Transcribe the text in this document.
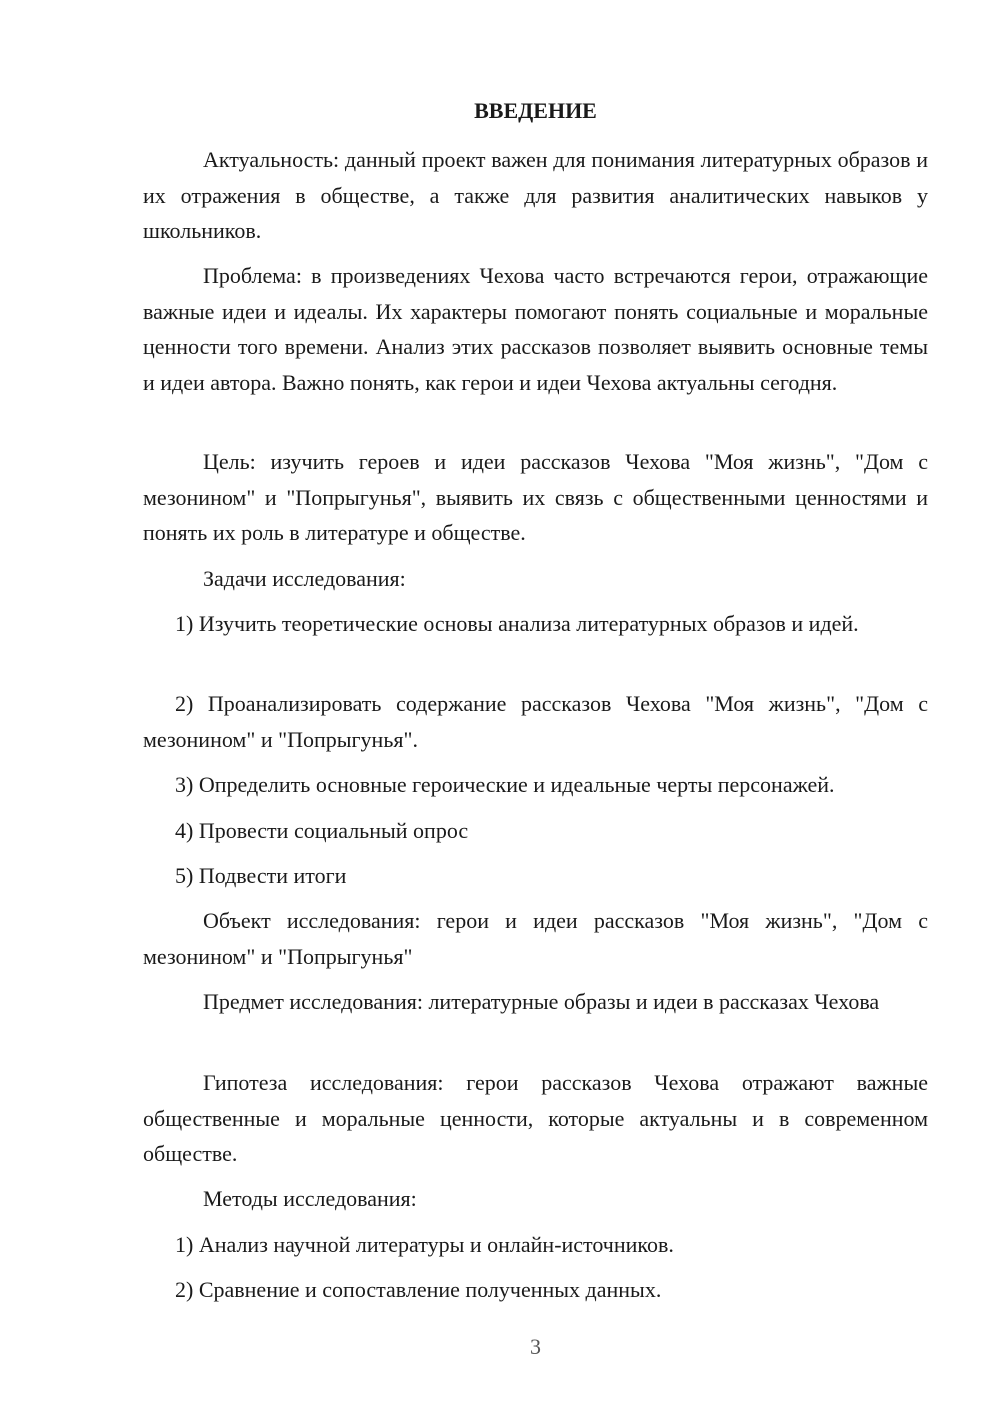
ВВЕДЕНИЕ

Актуальность: данный проект важен для понимания литературных образов и их отражения в обществе, а также для развития аналитических навыков у школьников.

Проблема: в произведениях Чехова часто встречаются герои, отражающие важные идеи и идеалы. Их характеры помогают понять социальные и моральные ценности того времени. Анализ этих рассказов позволяет выявить основные темы и идеи автора. Важно понять, как герои и идеи Чехова актуальны сегодня.

Цель: изучить героев и идеи рассказов Чехова "Моя жизнь", "Дом с мезонином" и "Попрыгунья", выявить их связь с общественными ценностями и понять их роль в литературе и обществе.

Задачи исследования:

1) Изучить теоретические основы анализа литературных образов и идей.

2) Проанализировать содержание рассказов Чехова "Моя жизнь", "Дом с мезонином" и "Попрыгунья".

3) Определить основные героические и идеальные черты персонажей.

4) Провести социальный опрос

5) Подвести итоги

Объект исследования: герои и идеи рассказов "Моя жизнь", "Дом с мезонином" и "Попрыгунья"

Предмет исследования: литературные образы и идеи в рассказах Чехова

Гипотеза исследования: герои рассказов Чехова отражают важные общественные и моральные ценности, которые актуальны и в современном обществе.

Методы исследования:

1) Анализ научной литературы и онлайн-источников.

2) Сравнение и сопоставление полученных данных.

3
